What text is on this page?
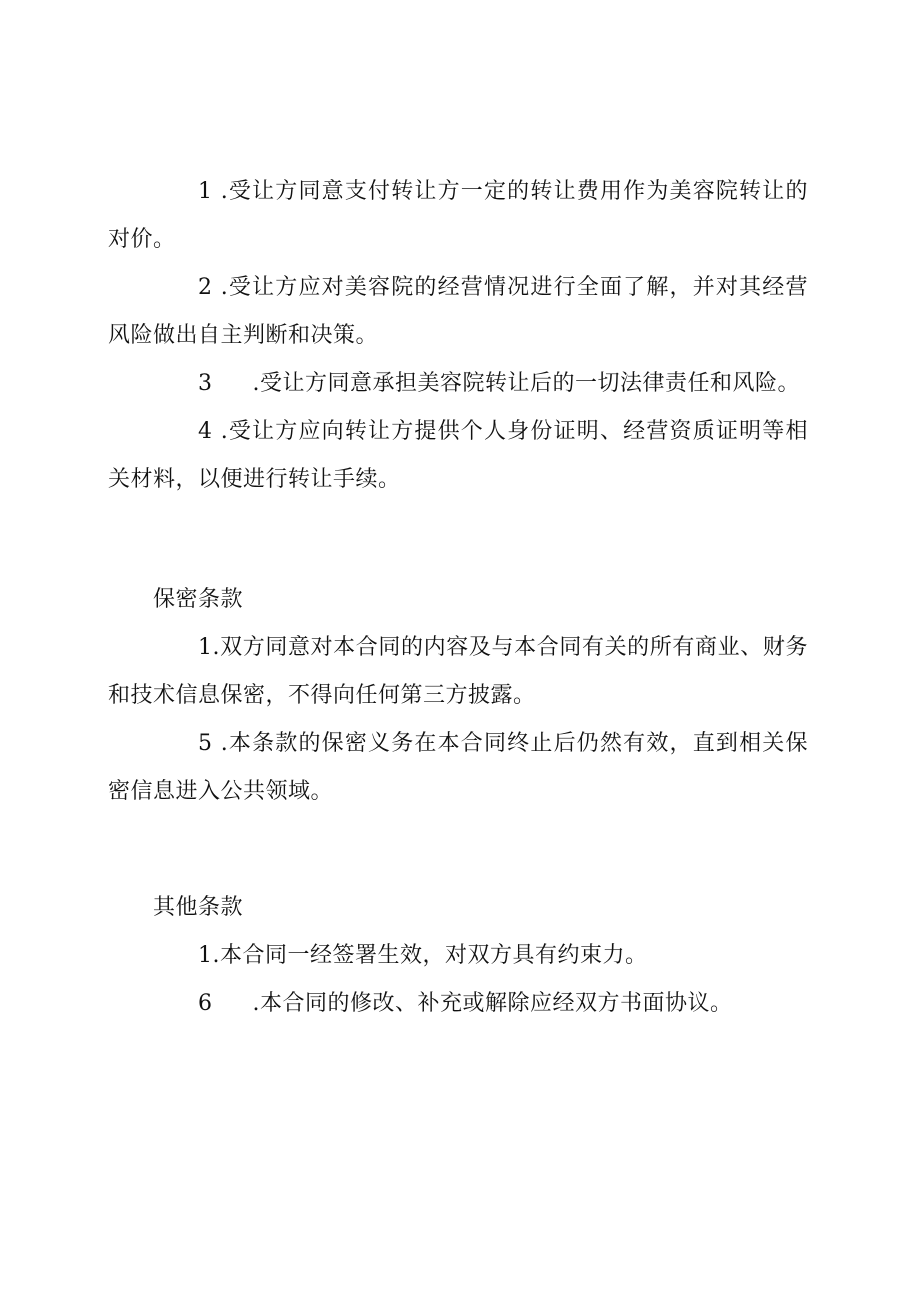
1 .受让方同意支付转让方一定的转让费用作为美容院转让的对价。

2 .受让方应对美容院的经营情况进行全面了解，并对其经营风险做出自主判断和决策。

3 .受让方同意承担美容院转让后的一切法律责任和风险。

4 .受让方应向转让方提供个人身份证明、经营资质证明等相关材料，以便进行转让手续。

保密条款

1.双方同意对本合同的内容及与本合同有关的所有商业、财务和技术信息保密，不得向任何第三方披露。

5 .本条款的保密义务在本合同终止后仍然有效，直到相关保密信息进入公共领域。

其他条款

1.本合同一经签署生效，对双方具有约束力。

6 .本合同的修改、补充或解除应经双方书面协议。
